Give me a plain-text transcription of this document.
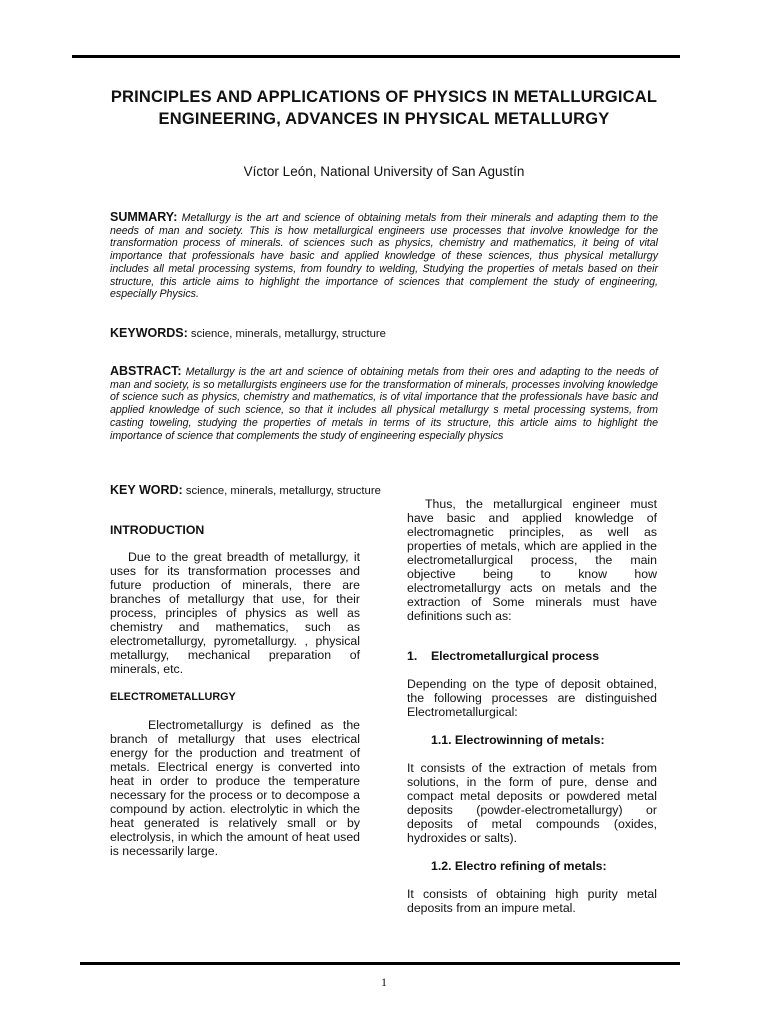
PRINCIPLES AND APPLICATIONS OF PHYSICS IN METALLURGICAL ENGINEERING, ADVANCES IN PHYSICAL METALLURGY
Víctor León, National University of San Agustín
SUMMARY: Metallurgy is the art and science of obtaining metals from their minerals and adapting them to the needs of man and society. This is how metallurgical engineers use processes that involve knowledge for the transformation process of minerals. of sciences such as physics, chemistry and mathematics, it being of vital importance that professionals have basic and applied knowledge of these sciences, thus physical metallurgy includes all metal processing systems, from foundry to welding, Studying the properties of metals based on their structure, this article aims to highlight the importance of sciences that complement the study of engineering, especially Physics.
KEYWORDS: science, minerals, metallurgy, structure
ABSTRACT: Metallurgy is the art and science of obtaining metals from their ores and adapting to the needs of man and society, is so metallurgists engineers use for the transformation of minerals, processes involving knowledge of science such as physics, chemistry and mathematics, is of vital importance that the professionals have basic and applied knowledge of such science, so that it includes all physical metallurgy s metal processing systems, from casting toweling, studying the properties of metals in terms of its structure, this article aims to highlight the importance of science that complements the study of engineering especially physics
KEY WORD: science, minerals, metallurgy, structure

INTRODUCTION

Due to the great breadth of metallurgy, it uses for its transformation processes and future production of minerals, there are branches of metallurgy that use, for their process, principles of physics as well as chemistry and mathematics, such as electrometallurgy, pyrometallurgy. , physical metallurgy, mechanical preparation of minerals, etc.

ELECTROMETALLURGY

Electrometallurgy is defined as the branch of metallurgy that uses electrical energy for the production and treatment of metals. Electrical energy is converted into heat in order to produce the temperature necessary for the process or to decompose a compound by action. electrolytic in which the heat generated is relatively small or by electrolysis, in which the amount of heat used is necessarily large.

Thus, the metallurgical engineer must have basic and applied knowledge of electromagnetic principles, as well as properties of metals, which are applied in the electrometallurgical process, the main objective being to know how electrometallurgy acts on metals and the extraction of Some minerals must have definitions such as:

1. Electrometallurgical process

Depending on the type of deposit obtained, the following processes are distinguished Electrometallurgical:

1.1. Electrowinning of metals:

It consists of the extraction of metals from solutions, in the form of pure, dense and compact metal deposits or powdered metal deposits (powder-electrometallurgy) or deposits of metal compounds (oxides, hydroxides or salts).

1.2. Electro refining of metals:

It consists of obtaining high purity metal deposits from an impure metal.

1
